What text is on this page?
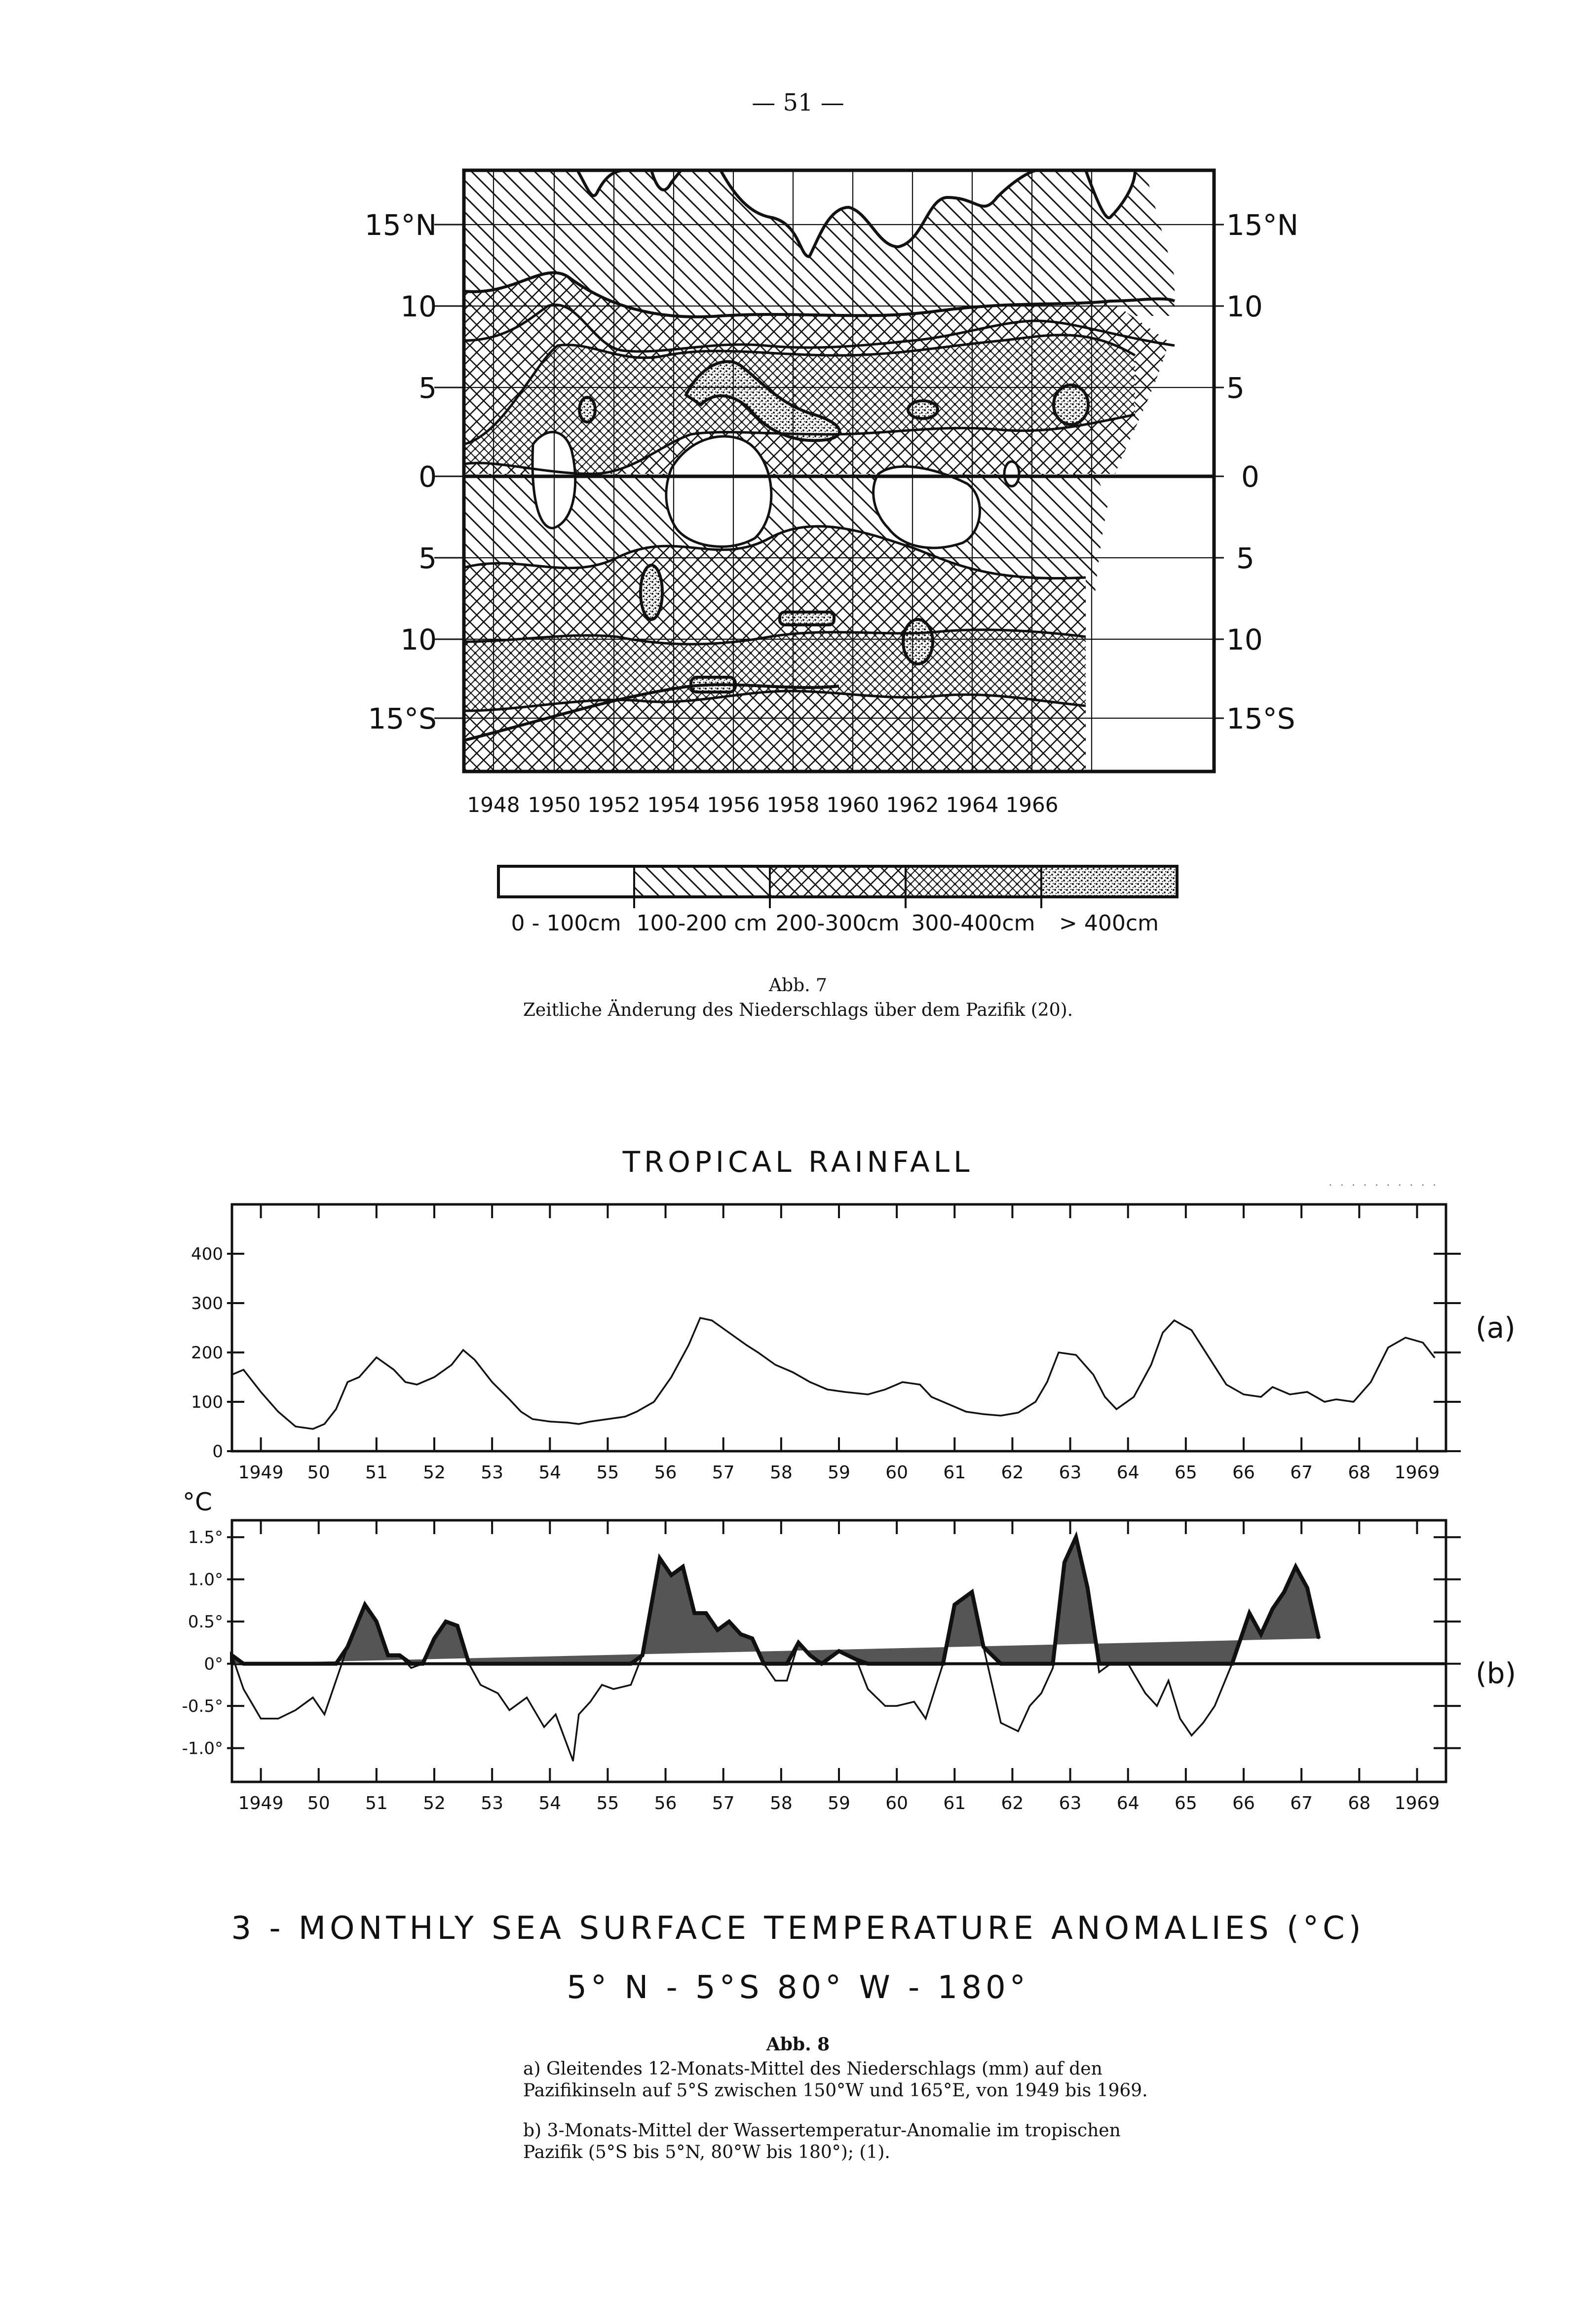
— 51 —
15°N
10
5
0
5
10
15°S
15°N
10
5
0
5
10
15°S
1948 1950 1952 1954 1956 1958 1960 1962 1964 1966
0 - 100cm 100-200 cm 200-300cm 300-400cm > 400cm
Abb. 7
Zeitliche Änderung des Niederschlags über dem Pazifik (20).
TROPICAL RAINFALL
1949 50 51 52 53 54 55 56 57 58 59 60 61 62 63 64 65 66 67 68 1969
0
100
200
300
400
1949 50 51 52 53 54 55 56 57 58 59 60 61 62 63 64 65 66 67 68 1969
1.5°
1.0°
0.5°
0°
-0.5°
-1.0°
(a)
(b)
°C
3 - MONTHLY SEA SURFACE TEMPERATURE ANOMALIES (°C)
5° N - 5°S 80° W - 180°
Abb. 8
a) Gleitendes 12-Monats-Mittel des Niederschlags (mm) auf den Pazifikinseln auf 5°S zwischen 150°W und 165°E, von 1949 bis 1969.
b) 3-Monats-Mittel der Wassertemperatur-Anomalie im tropischen Pazifik (5°S bis 5°N, 80°W bis 180°); (1).
